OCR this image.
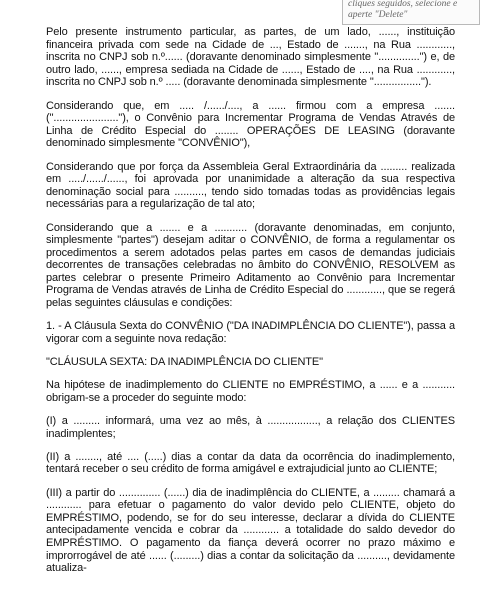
cliques seguidos, selecione e
aperte "Delete"

Pelo presente instrumento particular, as partes, de um lado, ......, instituição financeira privada com sede na Cidade de ..., Estado de ......., na Rua ............, inscrita no CNPJ sob n.º...... (doravante denominado simplesmente "..............") e, de outro lado, ......, empresa sediada na Cidade de ......, Estado de ...., na Rua ............, inscrita no CNPJ sob n.º ..... (doravante denominada simplesmente "................").

Considerando que, em ..... /....../...., a ...... firmou com a empresa ....... ("......................"), o Convênio para Incrementar Programa de Vendas Através de Linha de Crédito Especial do ........ OPERAÇÕES DE LEASING (doravante denominado simplesmente "CONVÊNIO"),

Considerando que por força da Assembleia Geral Extraordinária da ......... realizada em ...../....../......, foi aprovada por unanimidade a alteração da sua respectiva denominação social para .........., tendo sido tomadas todas as providências legais necessárias para a regularização de tal ato;

Considerando que a ....... e a ........... (doravante denominadas, em conjunto, simplesmente "partes") desejam aditar o CONVÊNIO, de forma a regulamentar os procedimentos a serem adotados pelas partes em casos de demandas judiciais decorrentes de transações celebradas no âmbito do CONVÊNIO, RESOLVEM as partes celebrar o presente Primeiro Aditamento ao Convênio para Incrementar Programa de Vendas através de Linha de Crédito Especial do ............, que se regerá pelas seguintes cláusulas e condições:

1. - A Cláusula Sexta do CONVÊNIO ("DA INADIMPLÊNCIA DO CLIENTE"), passa a vigorar com a seguinte nova redação:

"CLÁUSULA SEXTA: DA INADIMPLÊNCIA DO CLIENTE"

Na hipótese de inadimplemento do CLIENTE no EMPRÉSTIMO, a ...... e a ........... obrigam-se a proceder do seguinte modo:

(I) a ......... informará, uma vez ao mês, à ................., a relação dos CLIENTES inadimplentes;

(II) a ........, até .... (.....) dias a contar da data da ocorrência do inadimplemento, tentará receber o seu crédito de forma amigável e extrajudicial junto ao CLIENTE;

(III) a partir do .............. (......) dia de inadimplência do CLIENTE, a ......... chamará a ............ para efetuar o pagamento do valor devido pelo CLIENTE, objeto do EMPRÉSTIMO, podendo, se for do seu interesse, declarar a dívida do CLIENTE antecipadamente vencida e cobrar da ............ a totalidade do saldo devedor do EMPRÉSTIMO. O pagamento da fiança deverá ocorrer no prazo máximo e improrrogável de até ...... (.........) dias a contar da solicitação da .........., devidamente atualiza-
